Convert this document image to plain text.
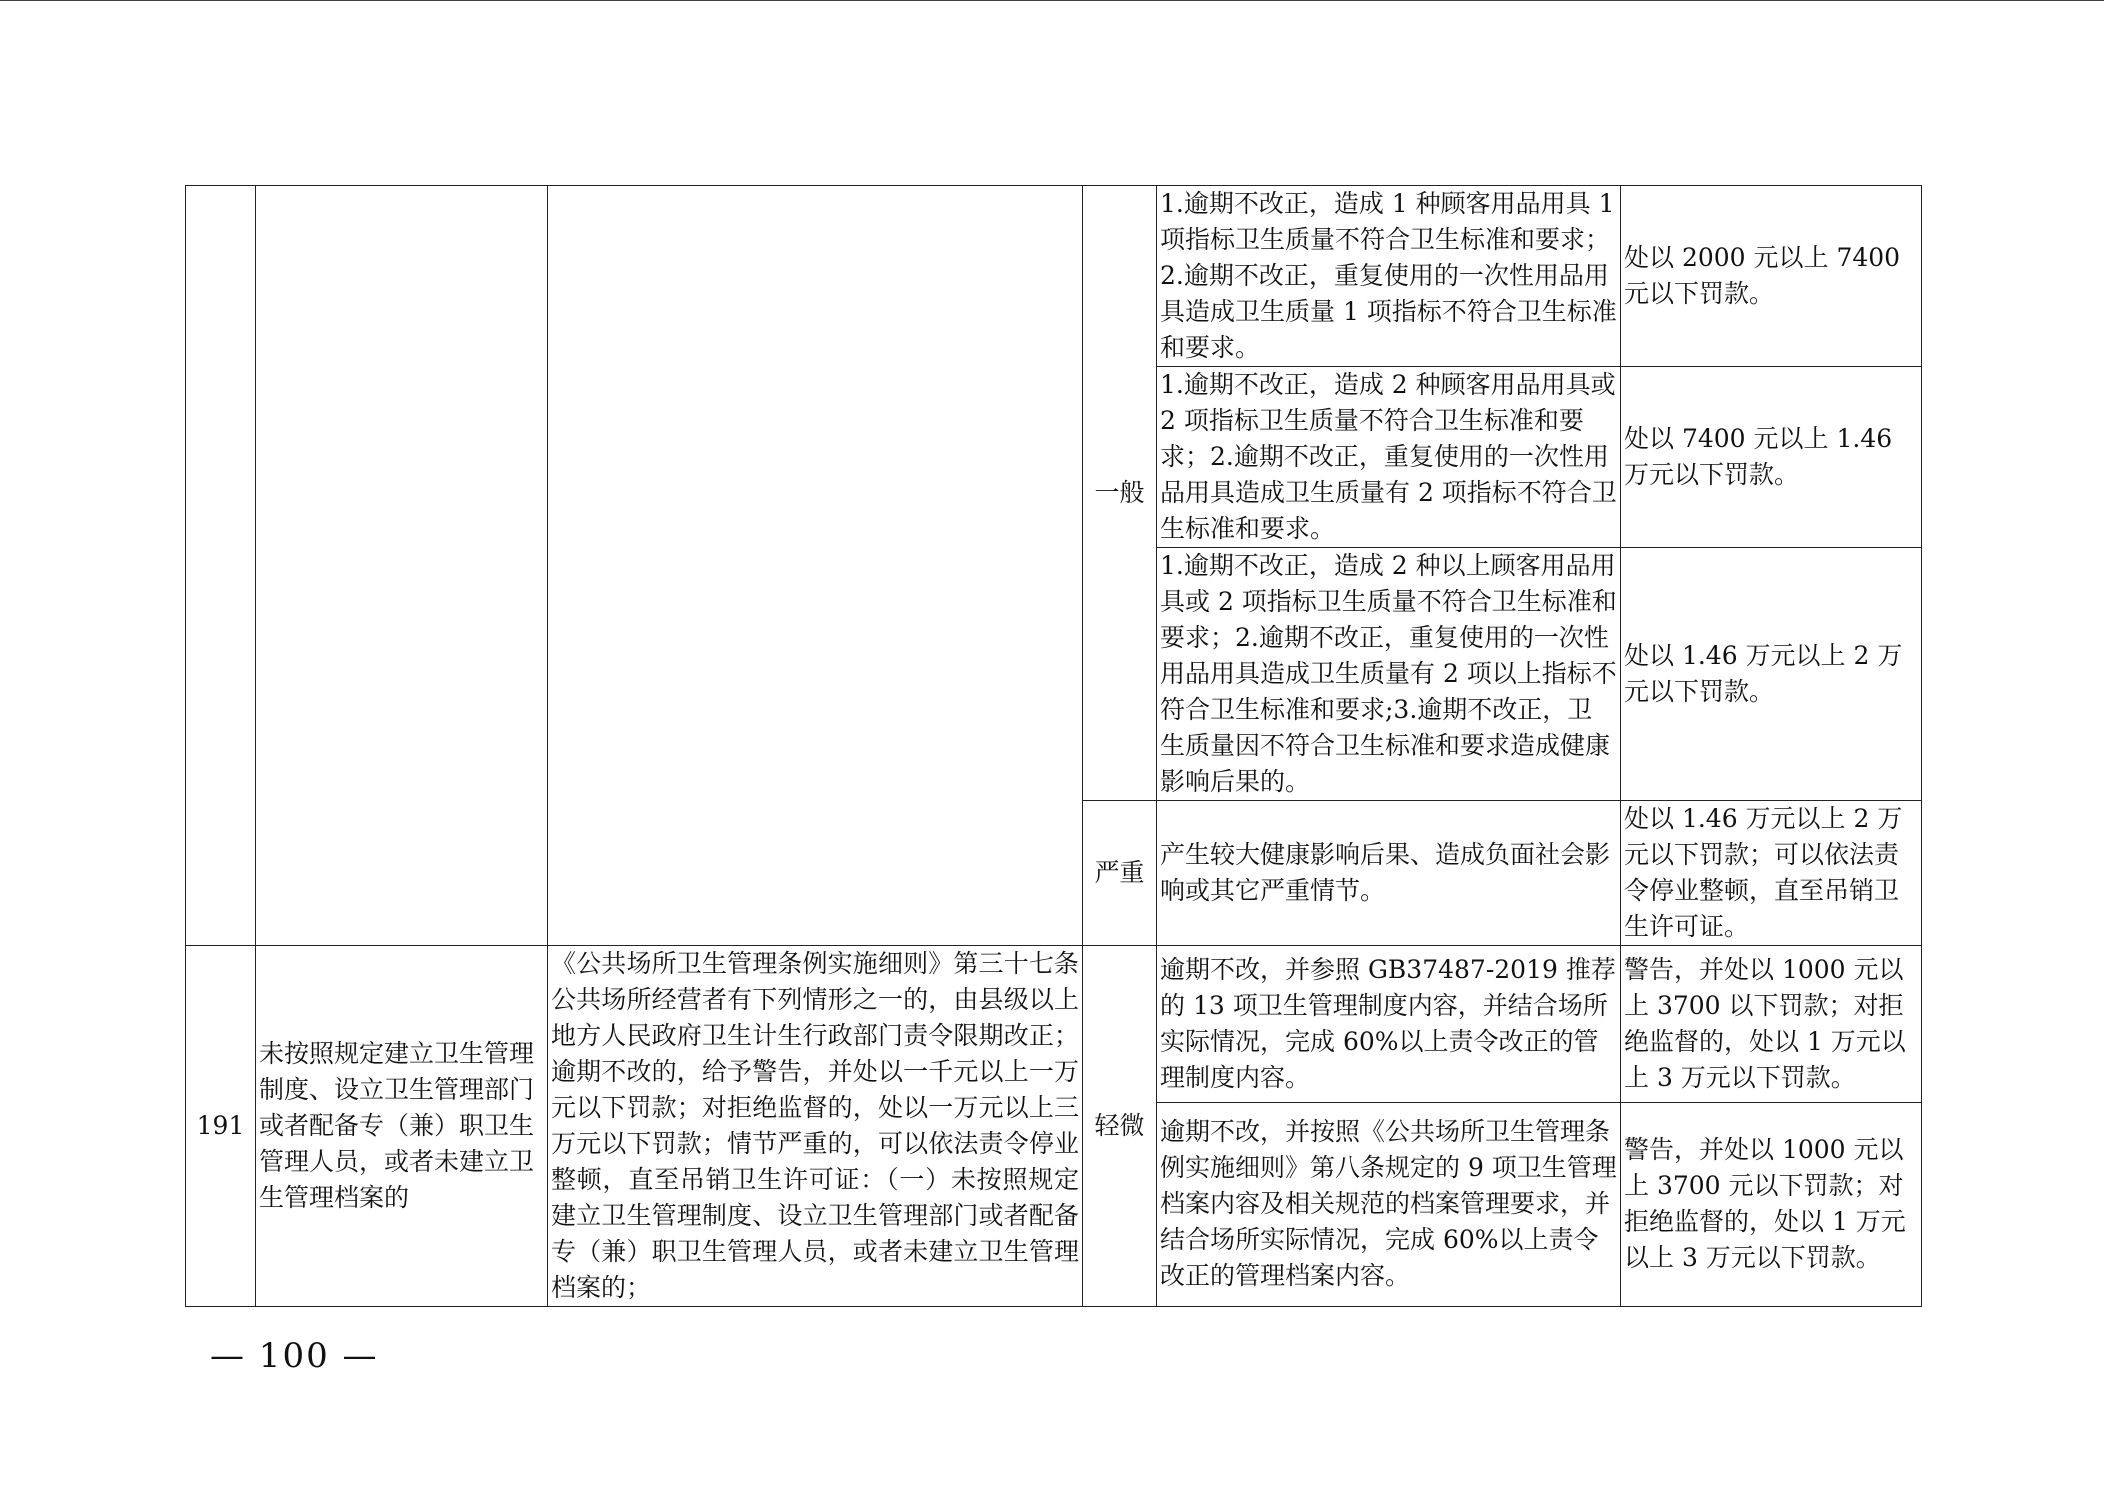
			一般	1.逾期不改正，造成 1 种顾客用品用具 1 项指标卫生质量不符合卫生标准和要求；2.逾期不改正，重复使用的一次性用品用具造成卫生质量 1 项指标不符合卫生标准和要求。	处以 2000 元以上 7400 元以下罚款。
				1.逾期不改正，造成 2 种顾客用品用具或 2 项指标卫生质量不符合卫生标准和要求；2.逾期不改正，重复使用的一次性用品用具造成卫生质量有 2 项指标不符合卫生标准和要求。	处以 7400 元以上 1.46 万元以下罚款。
				1.逾期不改正，造成 2 种以上顾客用品用具或 2 项指标卫生质量不符合卫生标准和要求；2.逾期不改正，重复使用的一次性用品用具造成卫生质量有 2 项以上指标不符合卫生标准和要求;3.逾期不改正，卫生质量因不符合卫生标准和要求造成健康影响后果的。	处以 1.46 万元以上 2 万元以下罚款。
			严重	产生较大健康影响后果、造成负面社会影响或其它严重情节。	处以 1.46 万元以上 2 万元以下罚款；可以依法责令停业整顿，直至吊销卫生许可证。
191	未按照规定建立卫生管理制度、设立卫生管理部门或者配备专（兼）职卫生管理人员，或者未建立卫生管理档案的	《公共场所卫生管理条例实施细则》第三十七条　公共场所经营者有下列情形之一的，由县级以上地方人民政府卫生计生行政部门责令限期改正；逾期不改的，给予警告，并处以一千元以上一万元以下罚款；对拒绝监督的，处以一万元以上三万元以下罚款；情节严重的，可以依法责令停业整顿，直至吊销卫生许可证：（一）未按照规定建立卫生管理制度、设立卫生管理部门或者配备专（兼）职卫生管理人员，或者未建立卫生管理档案的；	轻微	逾期不改，并参照 GB37487-2019 推荐的 13 项卫生管理制度内容，并结合场所实际情况，完成 60%以上责令改正的管理制度内容。	警告，并处以 1000 元以上 3700 以下罚款；对拒绝监督的，处以 1 万元以上 3 万元以下罚款。
				逾期不改，并按照《公共场所卫生管理条例实施细则》第八条规定的 9 项卫生管理档案内容及相关规范的档案管理要求，并结合场所实际情况，完成 60%以上责令改正的管理档案内容。	警告，并处以 1000 元以上 3700 元以下罚款；对拒绝监督的，处以 1 万元以上 3 万元以下罚款。
— 100 —
